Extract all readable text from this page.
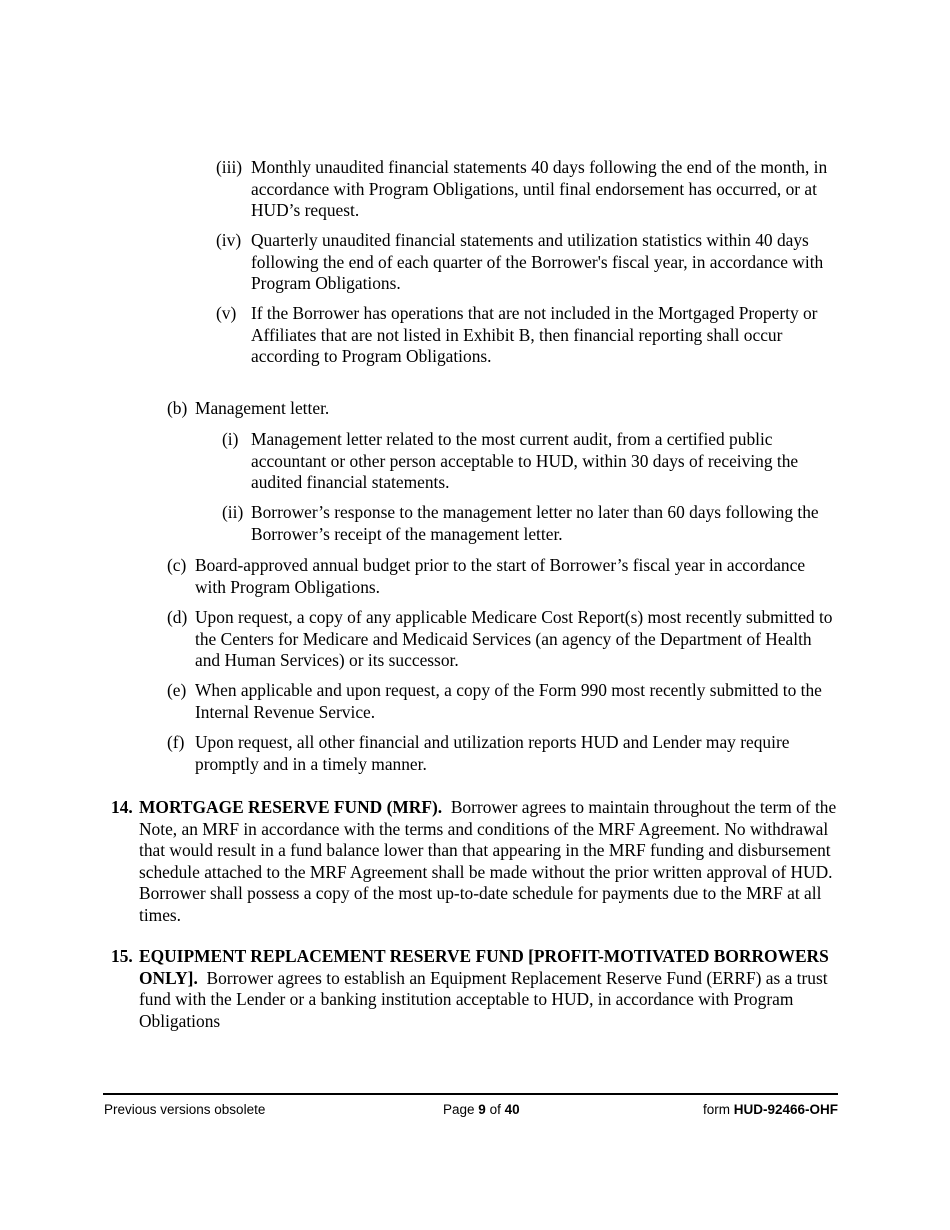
(iii) Monthly unaudited financial statements 40 days following the end of the month, in accordance with Program Obligations, until final endorsement has occurred, or at HUD’s request.

(iv) Quarterly unaudited financial statements and utilization statistics within 40 days following the end of each quarter of the Borrower's fiscal year, in accordance with Program Obligations.

(v) If the Borrower has operations that are not included in the Mortgaged Property or Affiliates that are not listed in Exhibit B, then financial reporting shall occur according to Program Obligations.

(b) Management letter.

(i) Management letter related to the most current audit, from a certified public accountant or other person acceptable to HUD, within 30 days of receiving the audited financial statements.

(ii) Borrower’s response to the management letter no later than 60 days following the Borrower’s receipt of the management letter.

(c) Board-approved annual budget prior to the start of Borrower’s fiscal year in accordance with Program Obligations.

(d) Upon request, a copy of any applicable Medicare Cost Report(s) most recently submitted to the Centers for Medicare and Medicaid Services (an agency of the Department of Health and Human Services) or its successor.

(e) When applicable and upon request, a copy of the Form 990 most recently submitted to the Internal Revenue Service.

(f) Upon request, all other financial and utilization reports HUD and Lender may require promptly and in a timely manner.

14. MORTGAGE RESERVE FUND (MRF). Borrower agrees to maintain throughout the term of the Note, an MRF in accordance with the terms and conditions of the MRF Agreement. No withdrawal that would result in a fund balance lower than that appearing in the MRF funding and disbursement schedule attached to the MRF Agreement shall be made without the prior written approval of HUD. Borrower shall possess a copy of the most up-to-date schedule for payments due to the MRF at all times.

15. EQUIPMENT REPLACEMENT RESERVE FUND [PROFIT-MOTIVATED BORROWERS ONLY]. Borrower agrees to establish an Equipment Replacement Reserve Fund (ERRF) as a trust fund with the Lender or a banking institution acceptable to HUD, in accordance with Program Obligations

Previous versions obsolete	Page 9 of 40	form HUD-92466-OHF
